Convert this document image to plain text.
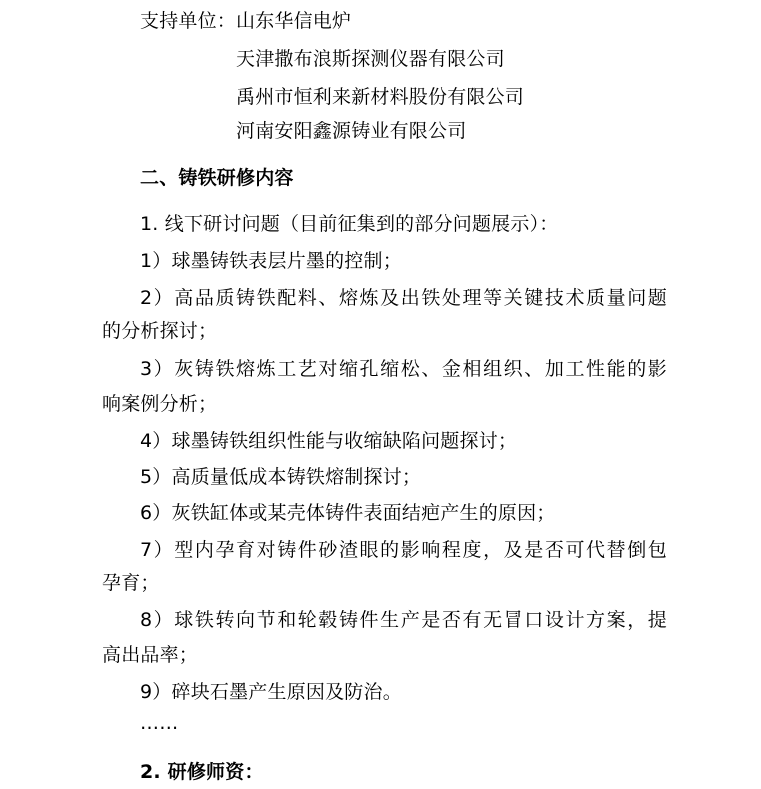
支持单位： 山东华信电炉
天津撒布浪斯探测仪器有限公司
禹州市恒利来新材料股份有限公司
河南安阳鑫源铸业有限公司
二、铸铁研修内容
1. 线下研讨问题（目前征集到的部分问题展示）：
1）球墨铸铁表层片墨的控制；
2）高品质铸铁配料、熔炼及出铁处理等关键技术质量问题
的分析探讨；
3）灰铸铁熔炼工艺对缩孔缩松、金相组织、加工性能的影
响案例分析；
4）球墨铸铁组织性能与收缩缺陷问题探讨；
5）高质量低成本铸铁熔制探讨；
6）灰铁缸体或某壳体铸件表面结疤产生的原因；
7）型内孕育对铸件砂渣眼的影响程度，及是否可代替倒包
孕育；
8）球铁转向节和轮毂铸件生产是否有无冒口设计方案，提
高出品率；
9）碎块石墨产生原因及防治。
……
2. 研修师资：
